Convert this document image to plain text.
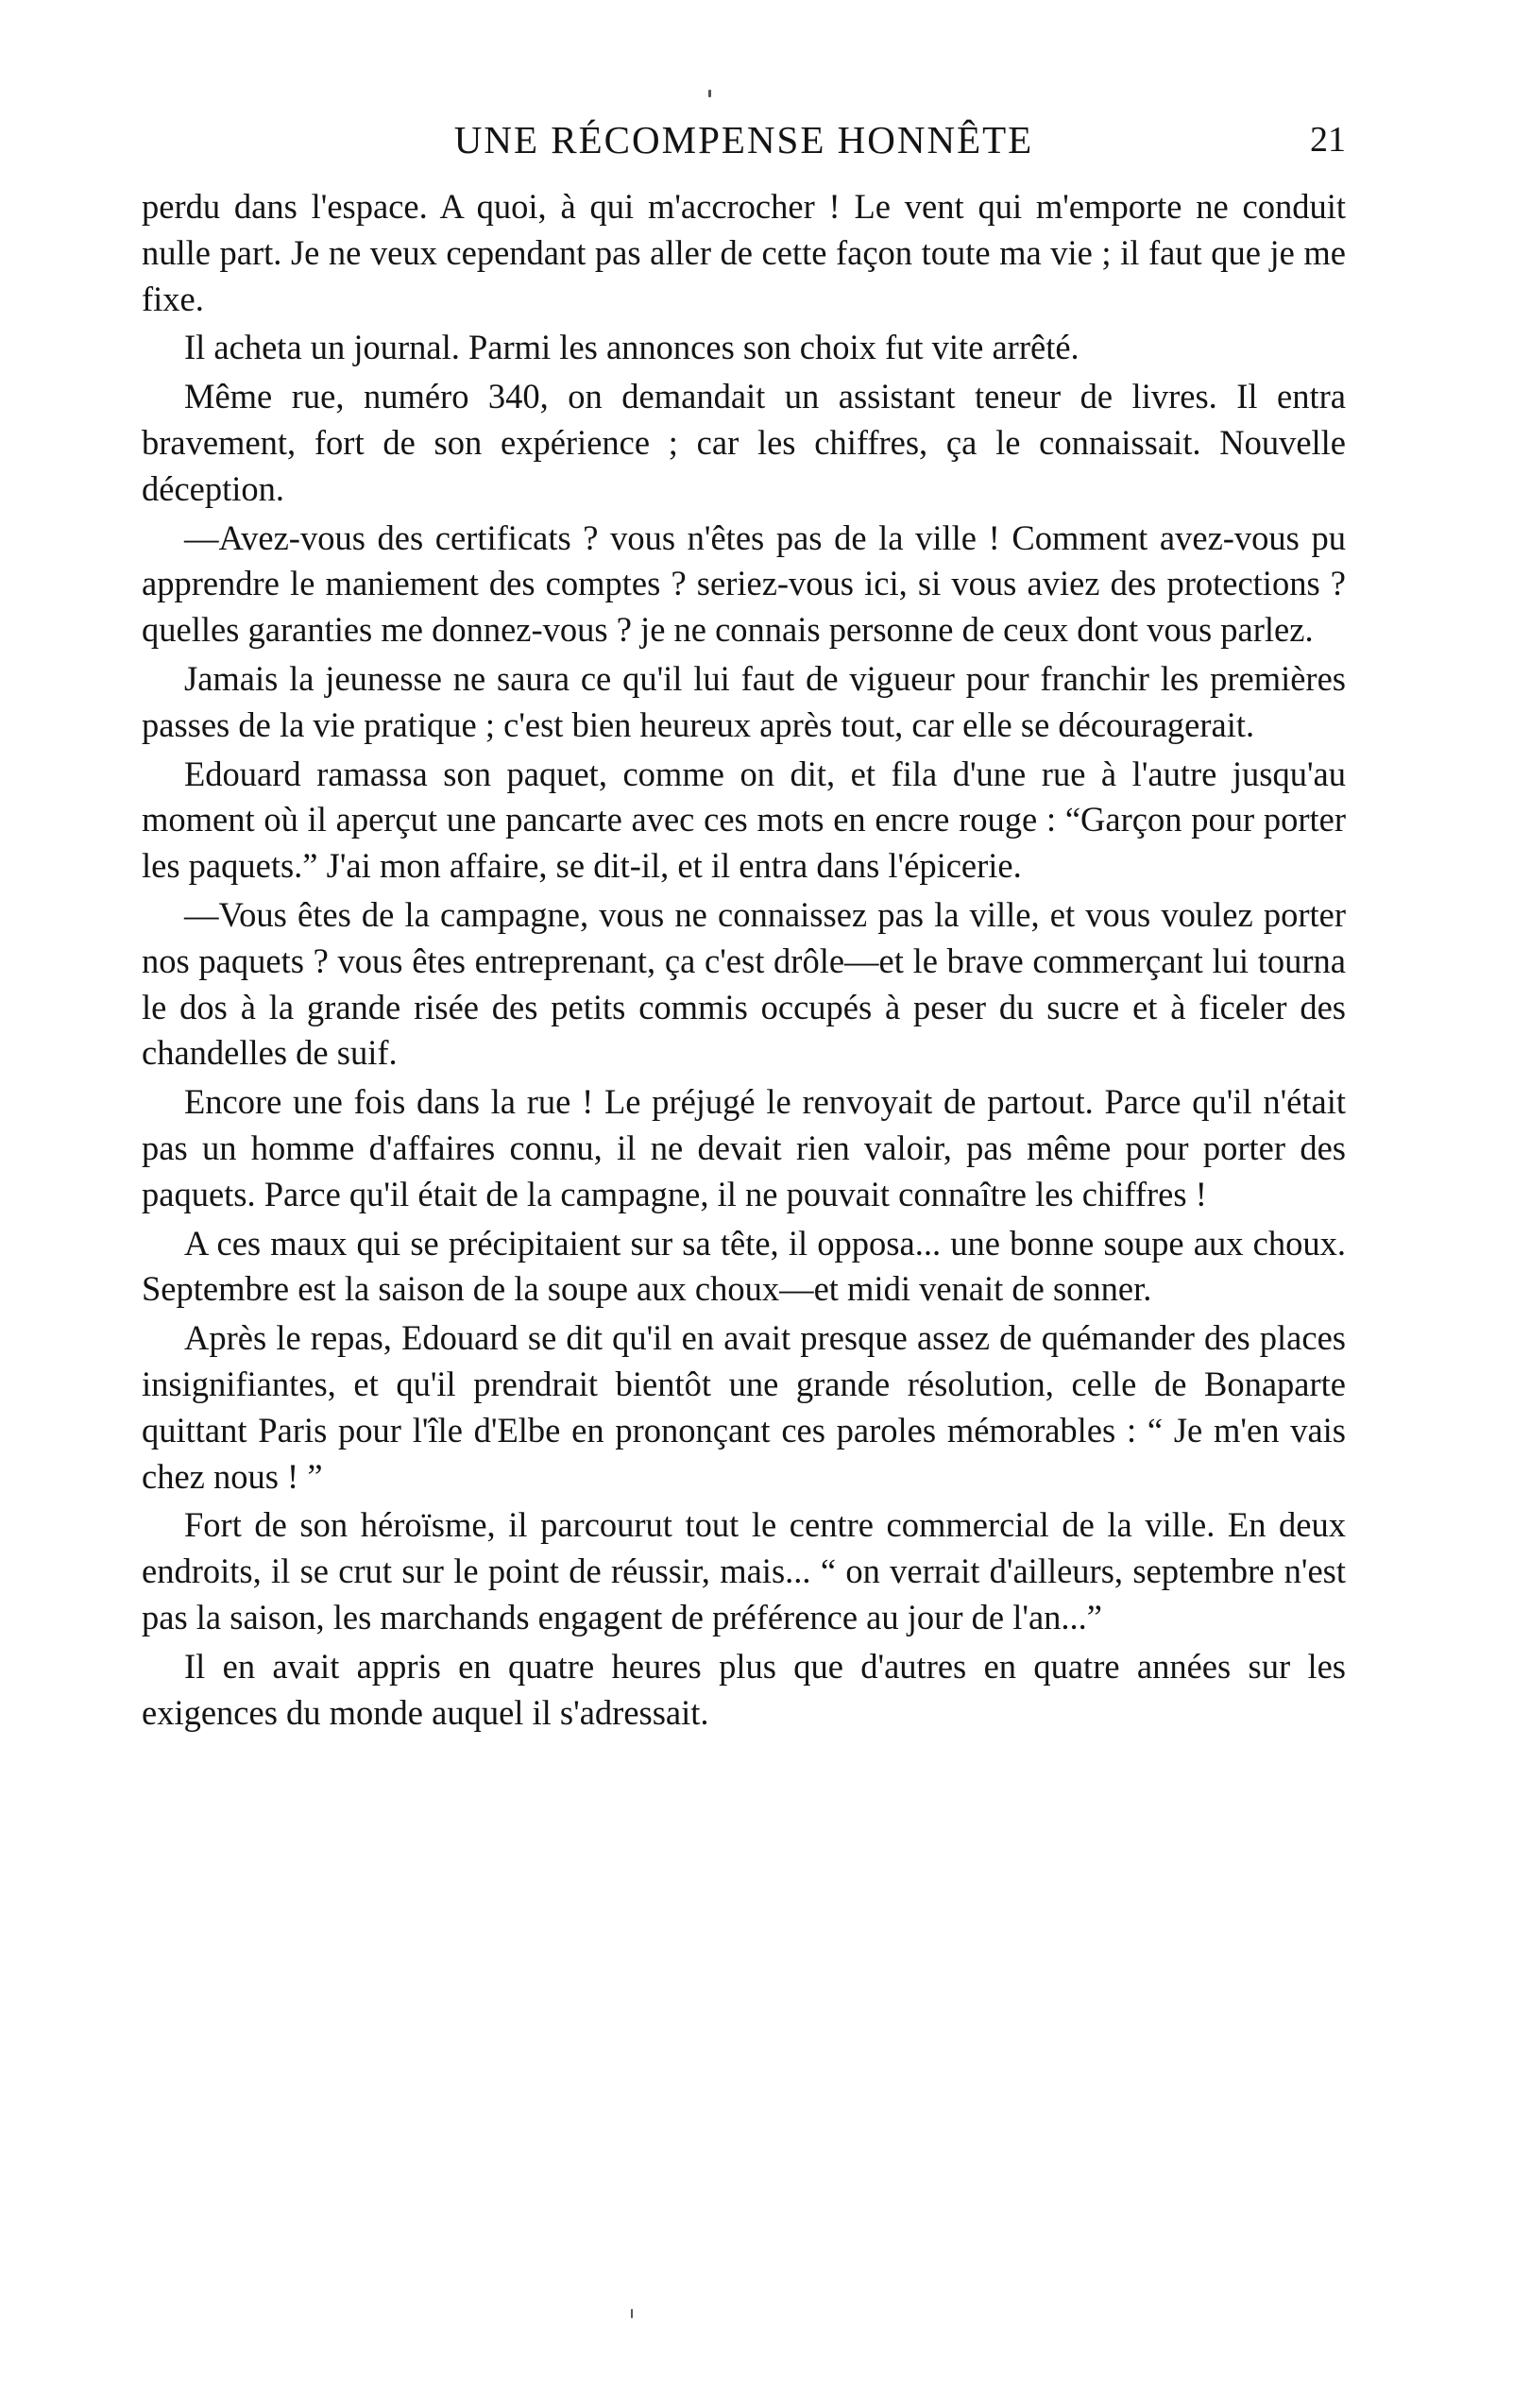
UNE RÉCOMPENSE HONNÊTE	21

perdu dans l'espace. A quoi, à qui m'accrocher ! Le vent qui m'emporte ne conduit nulle part. Je ne veux cependant pas aller de cette façon toute ma vie ; il faut que je me fixe.

Il acheta un journal. Parmi les annonces son choix fut vite arrêté.

Même rue, numéro 340, on demandait un assistant teneur de livres. Il entra bravement, fort de son expérience ; car les chiffres, ça le connaissait. Nouvelle déception.

—Avez-vous des certificats ? vous n'êtes pas de la ville ! Comment avez-vous pu apprendre le maniement des comptes ? seriez-vous ici, si vous aviez des protections ? quelles garanties me donnez-vous ? je ne connais personne de ceux dont vous parlez.

Jamais la jeunesse ne saura ce qu'il lui faut de vigueur pour franchir les premières passes de la vie pratique ; c'est bien heureux après tout, car elle se découragerait.

Edouard ramassa son paquet, comme on dit, et fila d'une rue à l'autre jusqu'au moment où il aperçut une pancarte avec ces mots en encre rouge : “Garçon pour porter les paquets.” J'ai mon affaire, se dit-il, et il entra dans l'épicerie.

—Vous êtes de la campagne, vous ne connaissez pas la ville, et vous voulez porter nos paquets ? vous êtes entreprenant, ça c'est drôle—et le brave commerçant lui tourna le dos à la grande risée des petits commis occupés à peser du sucre et à ficeler des chandelles de suif.

Encore une fois dans la rue ! Le préjugé le renvoyait de partout. Parce qu'il n'était pas un homme d'affaires connu, il ne devait rien valoir, pas même pour porter des paquets. Parce qu'il était de la campagne, il ne pouvait connaître les chiffres !

A ces maux qui se précipitaient sur sa tête, il opposa... une bonne soupe aux choux. Septembre est la saison de la soupe aux choux—et midi venait de sonner.

Après le repas, Edouard se dit qu'il en avait presque assez de quémander des places insignifiantes, et qu'il prendrait bientôt une grande résolution, celle de Bonaparte quittant Paris pour l'île d'Elbe en prononçant ces paroles mémorables : “ Je m'en vais chez nous ! ”

Fort de son héroïsme, il parcourut tout le centre commercial de la ville. En deux endroits, il se crut sur le point de réussir, mais... “ on verrait d'ailleurs, septembre n'est pas la saison, les marchands engagent de préférence au jour de l'an...”

Il en avait appris en quatre heures plus que d'autres en quatre années sur les exigences du monde auquel il s'adressait.
